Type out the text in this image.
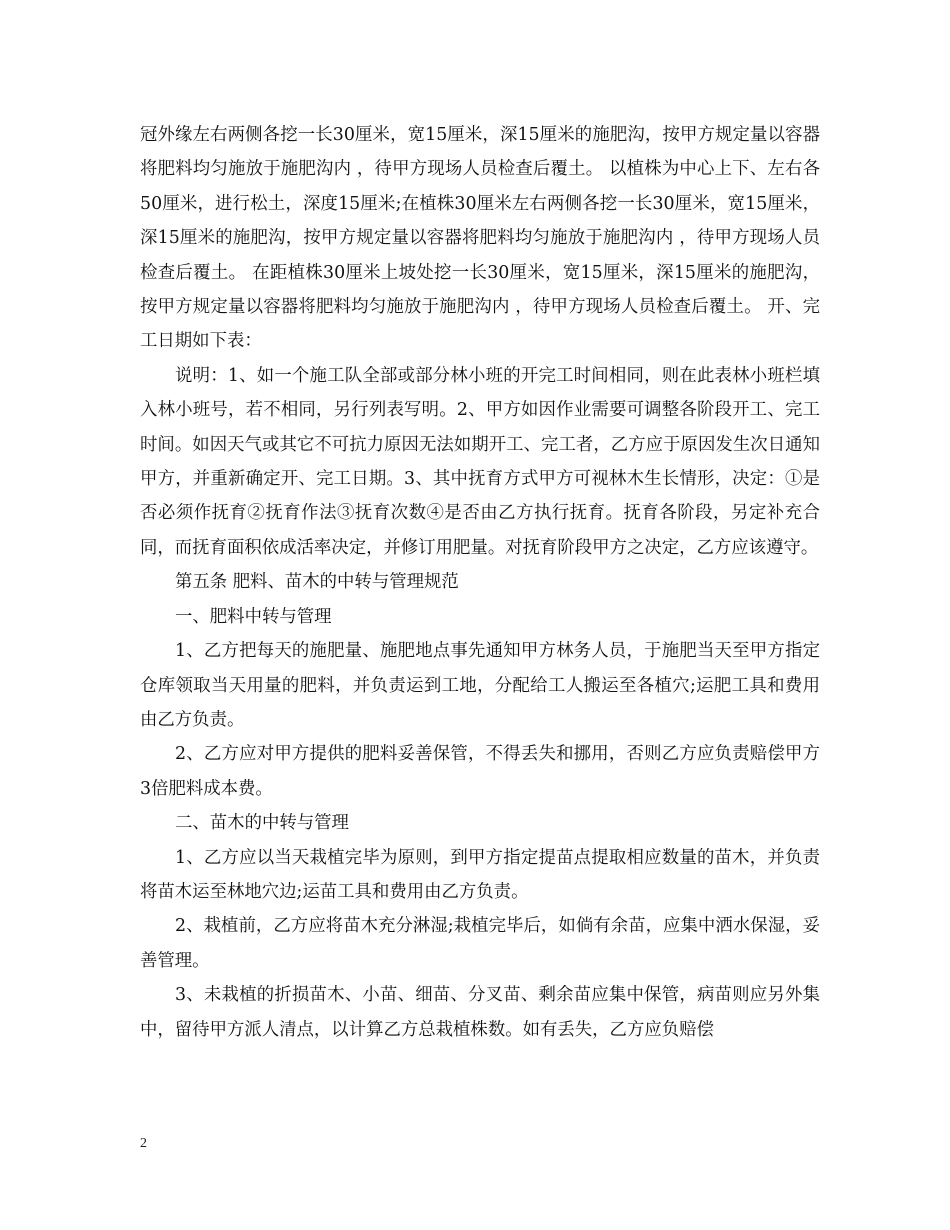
冠外缘左右两侧各挖一长30厘米，宽15厘米，深15厘米的施肥沟，按甲方规定量以容器将肥料均匀施放于施肥沟内 ，待甲方现场人员检查后覆土。 以植株为中心上下、左右各50厘米，进行松土，深度15厘米;在植株30厘米左右两侧各挖一长30厘米，宽15厘米，深15厘米的施肥沟，按甲方规定量以容器将肥料均匀施放于施肥沟内 ，待甲方现场人员检查后覆土。 在距植株30厘米上坡处挖一长30厘米，宽15厘米，深15厘米的施肥沟，按甲方规定量以容器将肥料均匀施放于施肥沟内 ，待甲方现场人员检查后覆土。 开、完工日期如下表：

说明：1、如一个施工队全部或部分林小班的开完工时间相同，则在此表林小班栏填入林小班号，若不相同，另行列表写明。2、甲方如因作业需要可调整各阶段开工、完工时间。如因天气或其它不可抗力原因无法如期开工、完工者，乙方应于原因发生次日通知甲方，并重新确定开、完工日期。3、其中抚育方式甲方可视林木生长情形，决定：①是否必须作抚育②抚育作法③抚育次数④是否由乙方执行抚育。抚育各阶段，另定补充合同，而抚育面积依成活率决定，并修订用肥量。对抚育阶段甲方之决定，乙方应该遵守。

第五条 肥料、苗木的中转与管理规范

一、肥料中转与管理

1、乙方把每天的施肥量、施肥地点事先通知甲方林务人员，于施肥当天至甲方指定仓库领取当天用量的肥料，并负责运到工地，分配给工人搬运至各植穴;运肥工具和费用由乙方负责。

2、乙方应对甲方提供的肥料妥善保管，不得丢失和挪用，否则乙方应负责赔偿甲方3倍肥料成本费。

二、苗木的中转与管理

1、乙方应以当天栽植完毕为原则，到甲方指定提苗点提取相应数量的苗木，并负责将苗木运至林地穴边;运苗工具和费用由乙方负责。

2、栽植前，乙方应将苗木充分淋湿;栽植完毕后，如倘有余苗，应集中洒水保湿，妥善管理。

3、未栽植的折损苗木、小苗、细苗、分叉苗、剩余苗应集中保管，病苗则应另外集中，留待甲方派人清点，以计算乙方总栽植株数。如有丢失，乙方应负赔偿

2
